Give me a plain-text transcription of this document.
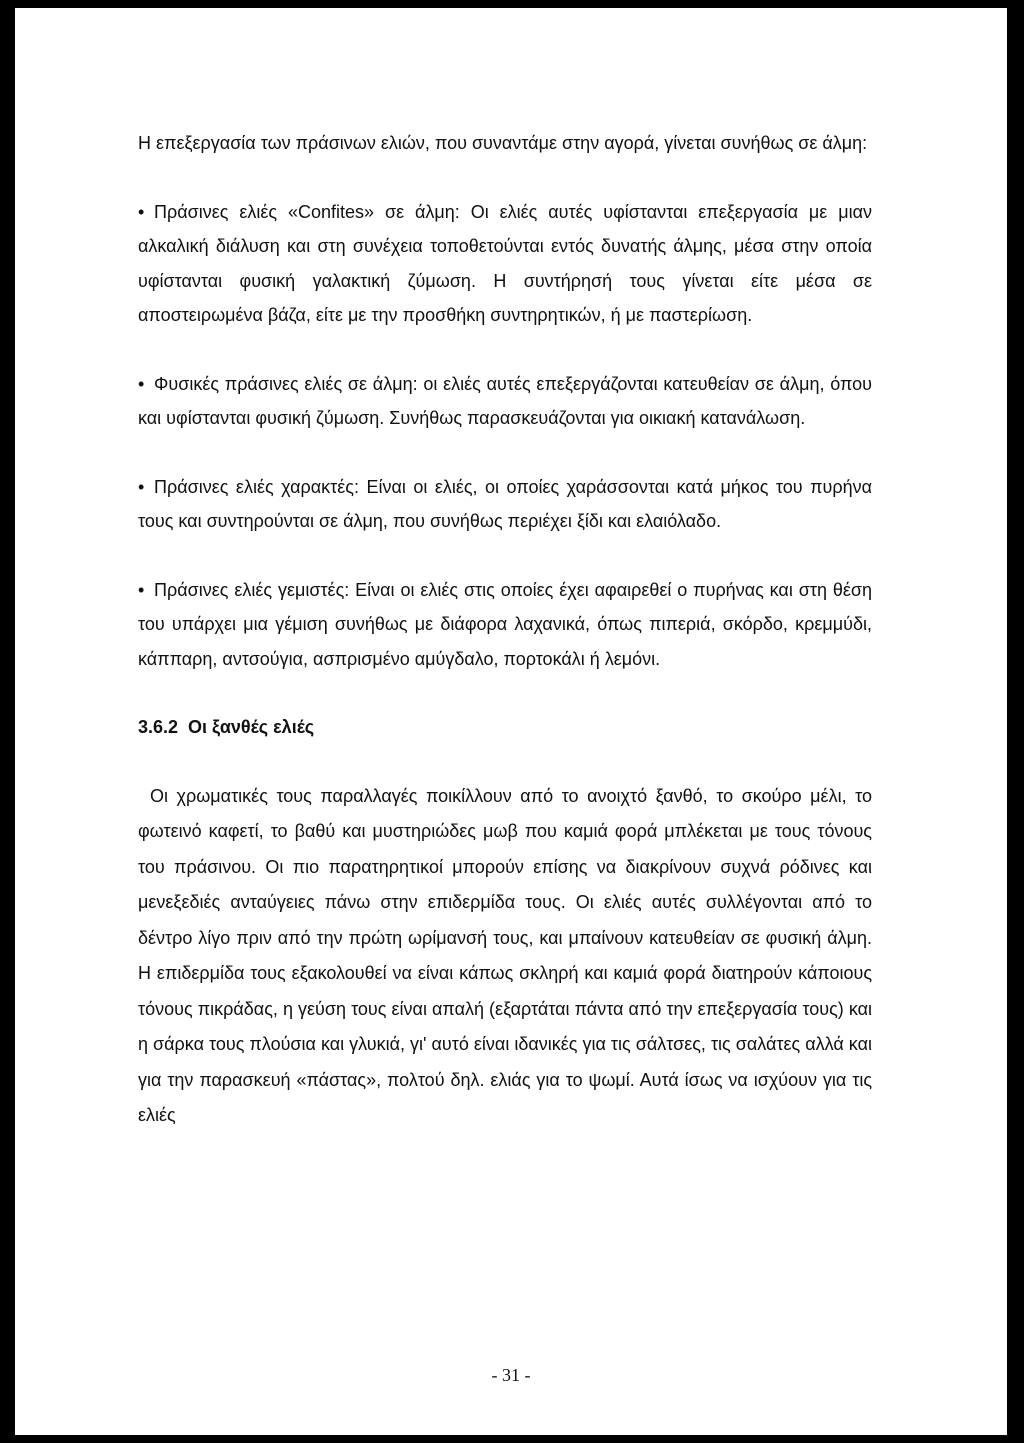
Η επεξεργασία των πράσινων ελιών, που συναντάμε στην αγορά, γίνεται συνήθως σε άλμη:

• Πράσινες ελιές «Confites» σε άλμη: Οι ελιές αυτές υφίστανται επεξεργασία με μιαν αλκαλική διάλυση και στη συνέχεια τοποθετούνται εντός δυνατής άλμης, μέσα στην οποία υφίστανται φυσική γαλακτική ζύμωση. Η συντήρησή τους γίνεται είτε μέσα σε αποστειρωμένα βάζα, είτε με την προσθήκη συντηρητικών, ή με παστερίωση.

• Φυσικές πράσινες ελιές σε άλμη: οι ελιές αυτές επεξεργάζονται κατευθείαν σε άλμη, όπου και υφίστανται φυσική ζύμωση. Συνήθως παρασκευάζονται για οικιακή κατανάλωση.

• Πράσινες ελιές χαρακτές: Είναι οι ελιές, οι οποίες χαράσσονται κατά μήκος του πυρήνα τους και συντηρούνται σε άλμη, που συνήθως περιέχει ξίδι και ελαιόλαδο.

• Πράσινες ελιές γεμιστές: Είναι οι ελιές στις οποίες έχει αφαιρεθεί ο πυρήνας και στη θέση του υπάρχει μια γέμιση συνήθως με διάφορα λαχανικά, όπως πιπεριά, σκόρδο, κρεμμύδι, κάππαρη, αντσούγια, ασπρισμένο αμύγδαλο, πορτοκάλι ή λεμόνι.

3.6.2 Οι ξανθές ελιές

Οι χρωματικές τους παραλλαγές ποικίλλουν από το ανοιχτό ξανθό, το σκούρο μέλι, το φωτεινό καφετί, το βαθύ και μυστηριώδες μωβ που καμιά φορά μπλέκεται με τους τόνους του πράσινου. Οι πιο παρατηρητικοί μπορούν επίσης να διακρίνουν συχνά ρόδινες και μενεξεδιές ανταύγειες πάνω στην επιδερμίδα τους. Οι ελιές αυτές συλλέγονται από το δέντρο λίγο πριν από την πρώτη ωρίμανσή τους, και μπαίνουν κατευθείαν σε φυσική άλμη. Η επιδερμίδα τους εξακολουθεί να είναι κάπως σκληρή και καμιά φορά διατηρούν κάποιους τόνους πικράδας, η γεύση τους είναι απαλή (εξαρτάται πάντα από την επεξεργασία τους) και η σάρκα τους πλούσια και γλυκιά, γι' αυτό είναι ιδανικές για τις σάλτσες, τις σαλάτες αλλά και για την παρασκευή «πάστας», πολτού δηλ. ελιάς για το ψωμί. Αυτά ίσως να ισχύουν για τις ελιές

- 31 -
